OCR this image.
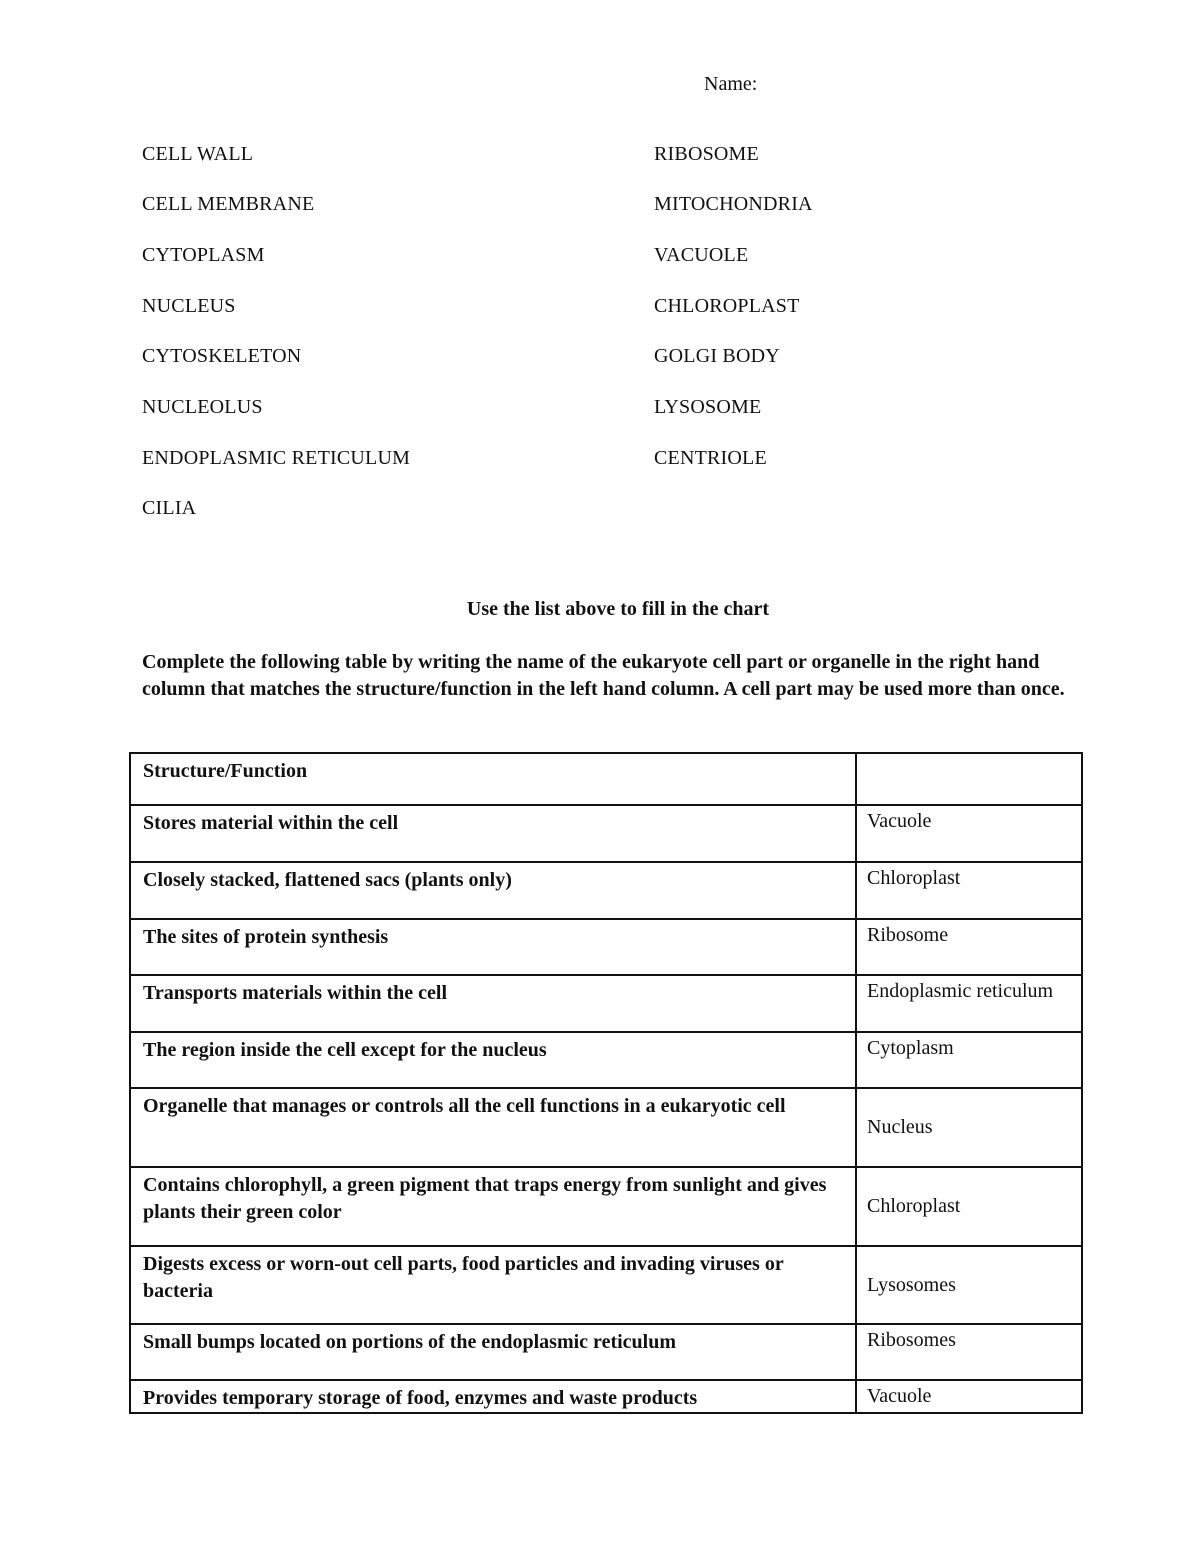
Name:
CELL WALL
CELL MEMBRANE
CYTOPLASM
NUCLEUS
CYTOSKELETON
NUCLEOLUS
ENDOPLASMIC RETICULUM
CILIA
RIBOSOME
MITOCHONDRIA
VACUOLE
CHLOROPLAST
GOLGI BODY
LYSOSOME
CENTRIOLE
Use the list above to fill in the chart
Complete the following table by writing the name of the eukaryote cell part or organelle in the right hand column that matches the structure/function in the left hand column. A cell part may be used more than once.
Structure/Function	
Stores material within the cell	Vacuole
Closely stacked, flattened sacs (plants only)	Chloroplast
The sites of protein synthesis	Ribosome
Transports materials within the cell	Endoplasmic reticulum
The region inside the cell except for the nucleus	Cytoplasm
Organelle that manages or controls all the cell functions in a eukaryotic cell	Nucleus
Contains chlorophyll, a green pigment that traps energy from sunlight and gives plants their green color	Chloroplast
Digests excess or worn-out cell parts, food particles and invading viruses or bacteria	Lysosomes
Small bumps located on portions of the endoplasmic reticulum	Ribosomes
Provides temporary storage of food, enzymes and waste products	Vacuole
